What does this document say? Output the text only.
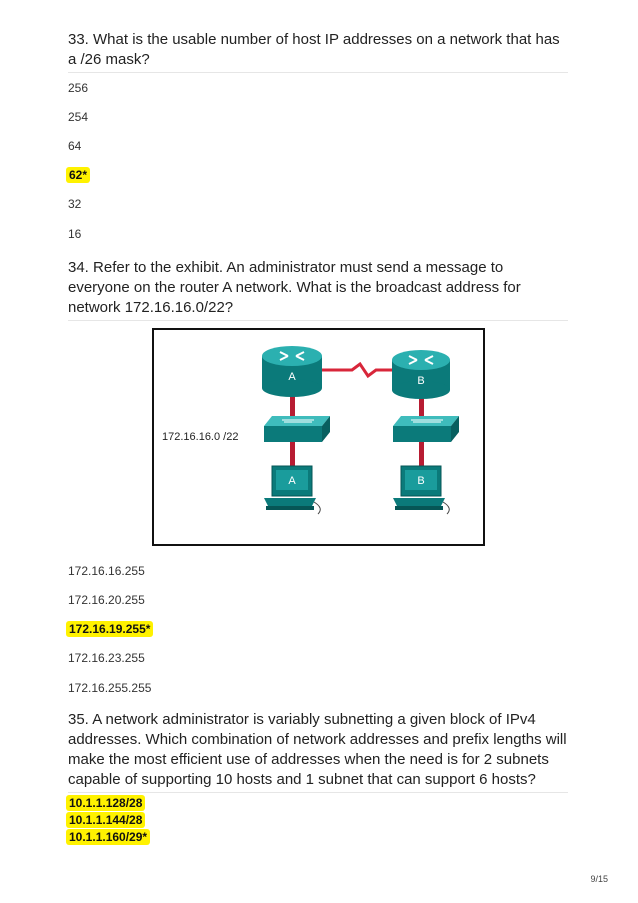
33. What is the usable number of host IP addresses on a network that has a /26 mask?
256
254
64
62*
32
16
34. Refer to the exhibit. An administrator must send a message to everyone on the router A network. What is the broadcast address for network 172.16.16.0/22?
A	B
172.16.16.0 /22
A	B
172.16.16.255
172.16.20.255
172.16.19.255*
172.16.23.255
172.16.255.255
35. A network administrator is variably subnetting a given block of IPv4 addresses. Which combination of network addresses and prefix lengths will make the most efficient use of addresses when the need is for 2 subnets capable of supporting 10 hosts and 1 subnet that can support 6 hosts?
10.1.1.128/28
10.1.1.144/28
10.1.1.160/29*
9/15
